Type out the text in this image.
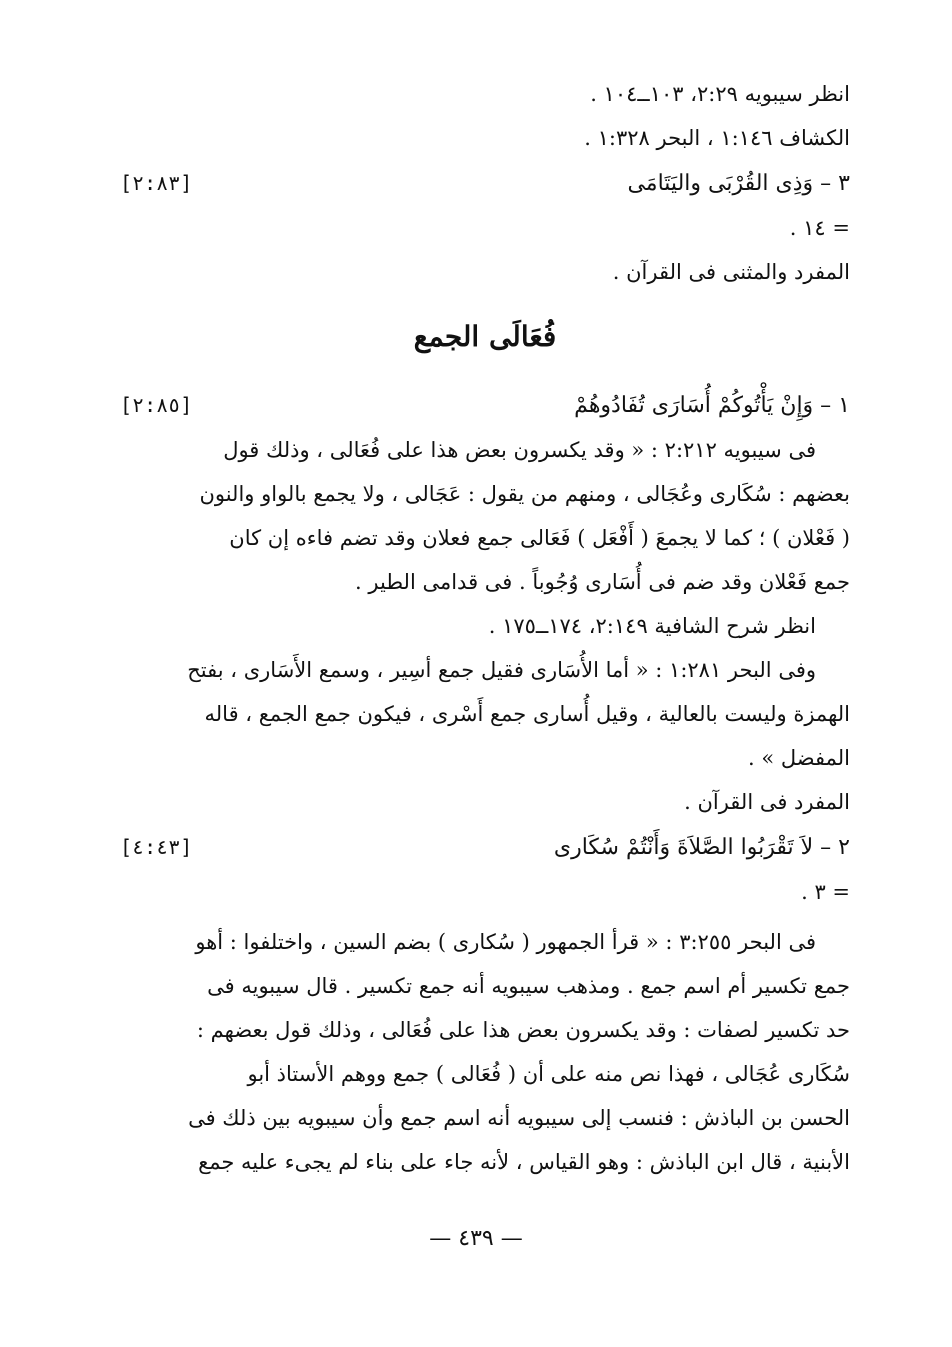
انظر سيبويه ٢:٢٩، ١٠٣ــ١٠٤ .
الكشاف ١:١٤٦ ، البحر ١:٣٢٨ .
٣ – وَذِى القُرْبَى واليَتَامَى
[٢:٨٣]
= ١٤ .
المفرد والمثنى فى القرآن .
فُعَالَى الجمع
١ – وَإِنْ يَأْتُوكُمْ أُسَارَى تُفَادُوهُمْ
[٢:٨٥]
فى سيبويه ٢:٢١٢ : « وقد يكسرون بعض هذا على فُعَالى ، وذلك قول
بعضهم : سُكَارى وعُجَالى ، ومنهم من يقول : عَجَالى ، ولا يجمع بالواو والنون
( فَعْلان ) ؛ كما لا يجمعَ ( أَفْعَل ) فَعَالى جمع فعلان وقد تضم فاءه إن كان
جمع فَعْلان وقد ضم فى أُسَارى وُجُوباً . فى قدامى الطير .
انظر شرح الشافية ٢:١٤٩، ١٧٤ــ١٧٥ .
وفى البحر ١:٢٨١ : « أما الأُسَارى فقيل جمع أسِير ، وسمع الأَسَارى ، بفتح
الهمزة وليست بالعالية ، وقيل أُسارى جمع أَسْرى ، فيكون جمع الجمع ، قاله
المفضل » .
المفرد فى القرآن .
٢ – لاَ تَقْرَبُوا الصَّلاَةَ وَأَنْتُمْ سُكَارى
[٤:٤٣]
= ٣ .
فى البحر ٣:٢٥٥ : « قرأ الجمهور ( سُكارى ) بضم السين ، واختلفوا : أهو
جمع تكسير أم اسم جمع . ومذهب سيبويه أنه جمع تكسير . قال سيبويه فى
حد تكسير لصفات : وقد يكسرون بعض هذا على فُعَالى ، وذلك قول بعضهم :
سُكَارى عُجَالى ، فهذا نص منه على أن ( فُعَالى ) جمع ووهم الأستاذ أبو
الحسن بن الباذش : فنسب إلى سيبويه أنه اسم جمع وأن سيبويه بين ذلك فى
الأبنية ، قال ابن الباذش : وهو القياس ، لأنه جاء على بناء لم يجىء عليه جمع
— ٤٣٩ —
